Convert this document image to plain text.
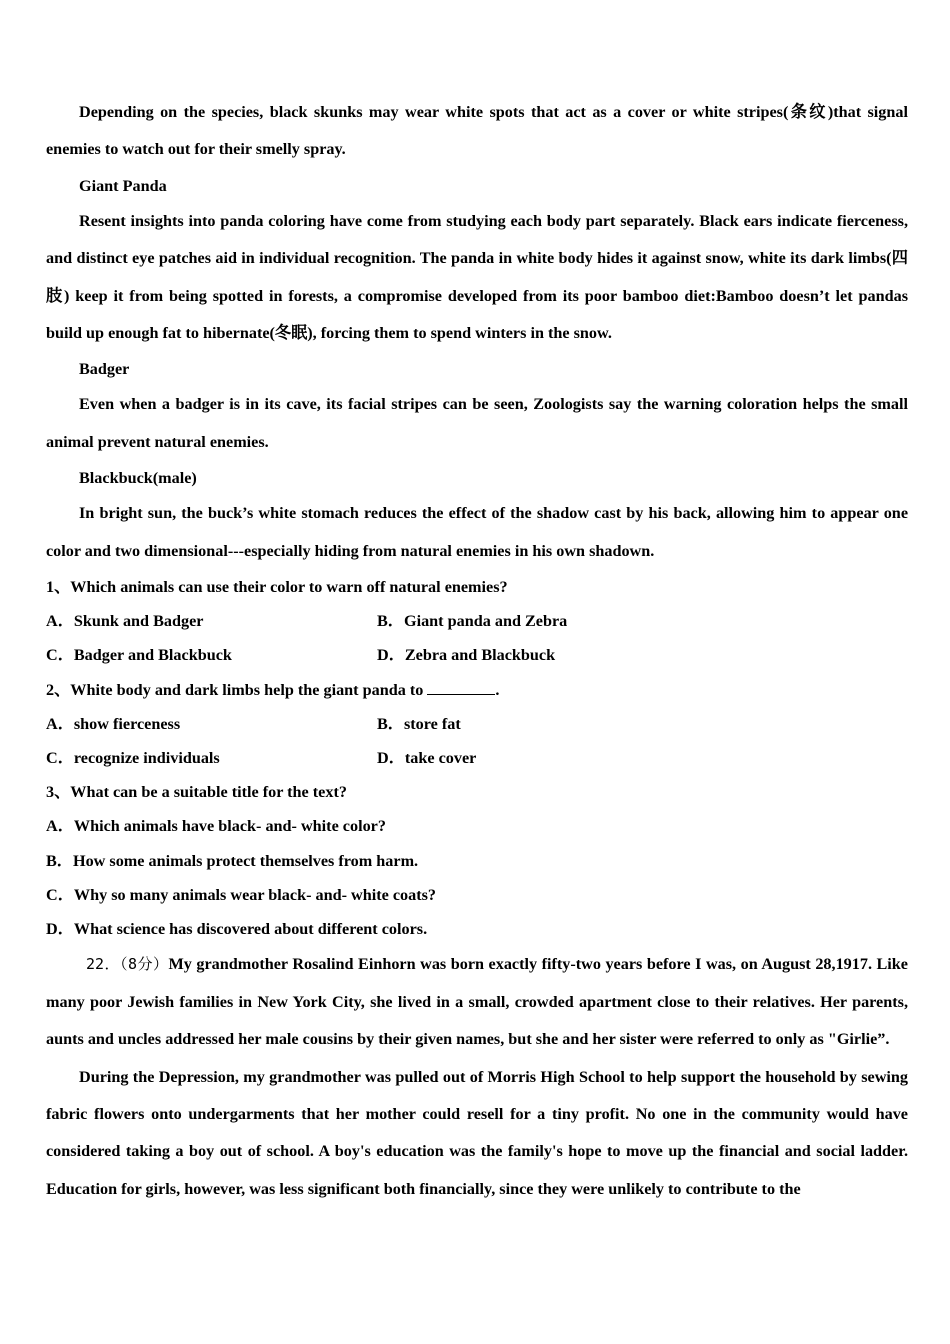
Depending on the species, black skunks may wear white spots that act as a cover or white stripes(条纹)that signal enemies to watch out for their smelly spray.

Giant Panda

Resent insights into panda coloring have come from studying each body part separately. Black ears indicate fierceness, and distinct eye patches aid in individual recognition. The panda in white body hides it against snow, white its dark limbs(四肢) keep it from being spotted in forests, a compromise developed from its poor bamboo diet:Bamboo doesn’t let pandas build up enough fat to hibernate(冬眠), forcing them to spend winters in the snow.

Badger

Even when a badger is in its cave, its facial stripes can be seen, Zoologists say the warning coloration helps the small animal prevent natural enemies.

Blackbuck(male)

In bright sun, the buck’s white stomach reduces the effect of the shadow cast by his back, allowing him to appear one color and two dimensional---especially hiding from natural enemies in his own shadown.

1、Which animals can use their color to warn off natural enemies?

A．Skunk and Badger	B．Giant panda and Zebra
C．Badger and Blackbuck	D．Zebra and Blackbuck

2、White body and dark limbs help the giant panda to	.

A．show fierceness	B．store fat
C．recognize individuals	D．take cover

3、What can be a suitable title for the text?

A．Which animals have black- and- white color?

B．How some animals protect themselves from harm.

C．Why so many animals wear black- and- white coats?

D．What science has discovered about different colors.

22．（8分）My grandmother Rosalind Einhorn was born exactly fifty-two years before I was, on August 28,1917. Like many poor Jewish families in New York City, she lived in a small, crowded apartment close to their relatives. Her parents, aunts and uncles addressed her male cousins by their given names, but she and her sister were referred to only as "Girlie”.

During the Depression, my grandmother was pulled out of Morris High School to help support the household by sewing fabric flowers onto undergarments that her mother could resell for a tiny profit. No one in the community would have considered taking a boy out of school. A boy's education was the family's hope to move up the financial and social ladder. Education for girls, however, was less significant both financially, since they were unlikely to contribute to the
